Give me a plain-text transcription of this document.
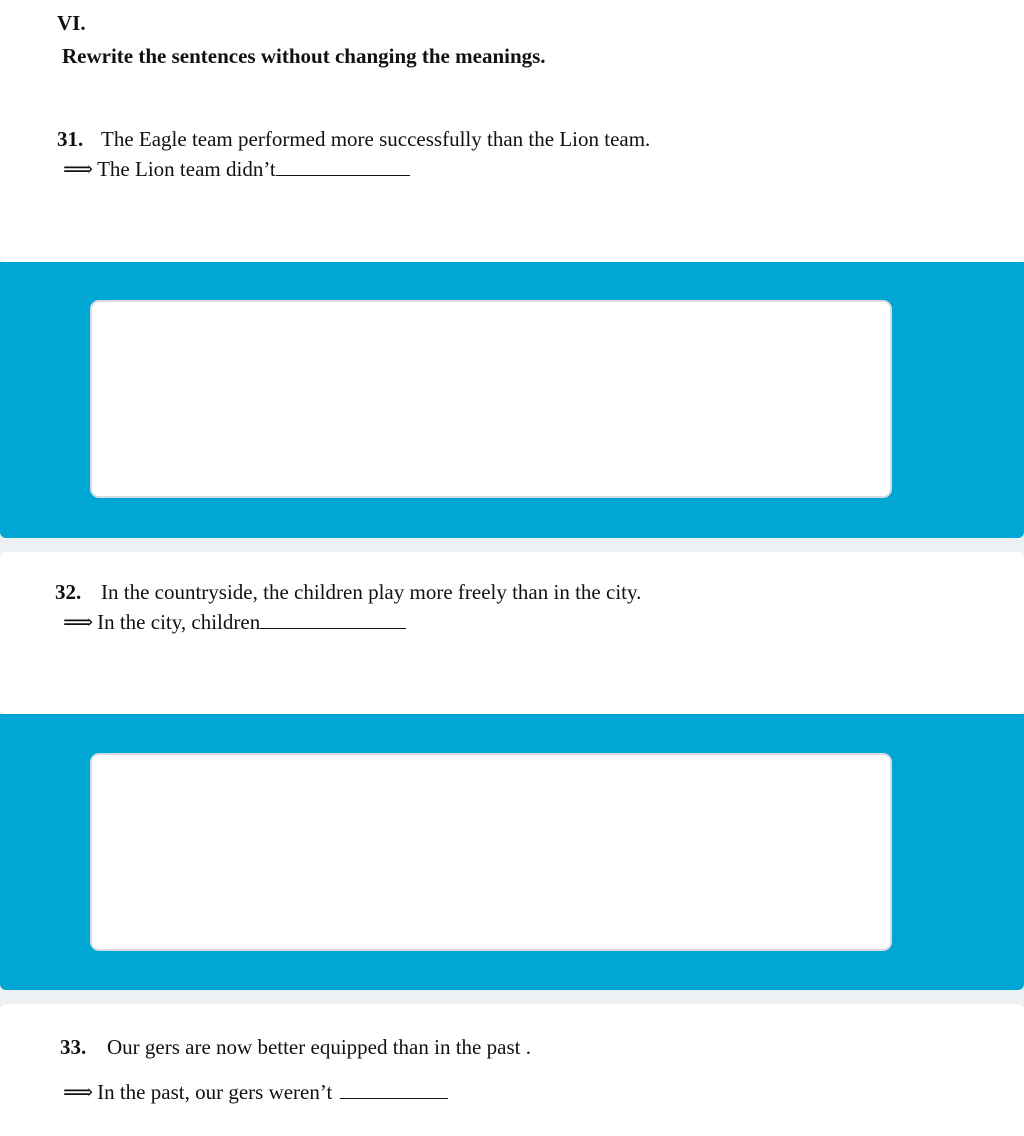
VI.
Rewrite the sentences without changing the meanings.
31. The Eagle team performed more successfully than the Lion team.
⟹ The Lion team didn’t
32. In the countryside, the children play more freely than in the city.
⟹ In the city, children
33. Our gers are now better equipped than in the past .
⟹ In the past, our gers weren’t
